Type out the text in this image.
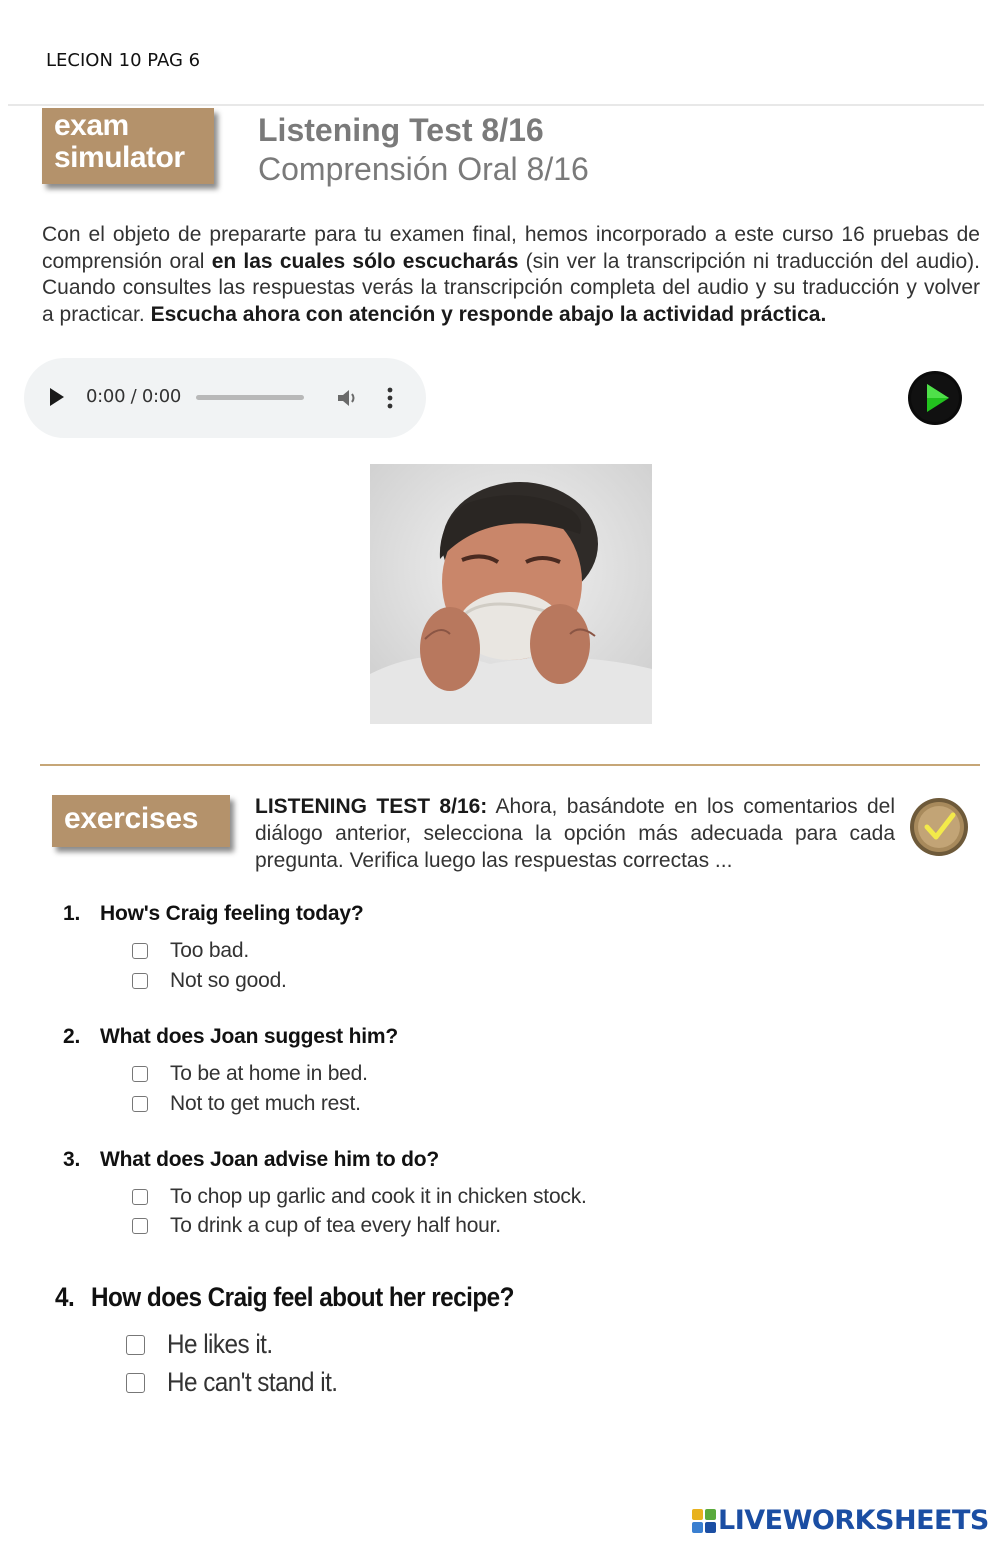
LECION 10 PAG 6
exam
simulator
Listening Test 8/16
Comprensión Oral 8/16

Con el objeto de prepararte para tu examen final, hemos incorporado a este curso 16 pruebas de comprensión oral en las cuales sólo escucharás (sin ver la transcripción ni traducción del audio). Cuando consultes las respuestas verás la transcripción completa del audio y su traducción y volver a practicar. Escucha ahora con atención y responde abajo la actividad práctica.

0:00 / 0:00
exercises	LISTENING TEST 8/16: Ahora, basándote en los comentarios del diálogo anterior, selecciona la opción más adecuada para cada pregunta. Verifica luego las respuestas correctas ...

1. How's Craig feeling today?
Too bad.
Not so good.
2. What does Joan suggest him?
To be at home in bed.
Not to get much rest.
3. What does Joan advise him to do?
To chop up garlic and cook it in chicken stock.
To drink a cup of tea every half hour.
4. How does Craig feel about her recipe?
He likes it.
He can't stand it.
LIVEWORKSHEETS
